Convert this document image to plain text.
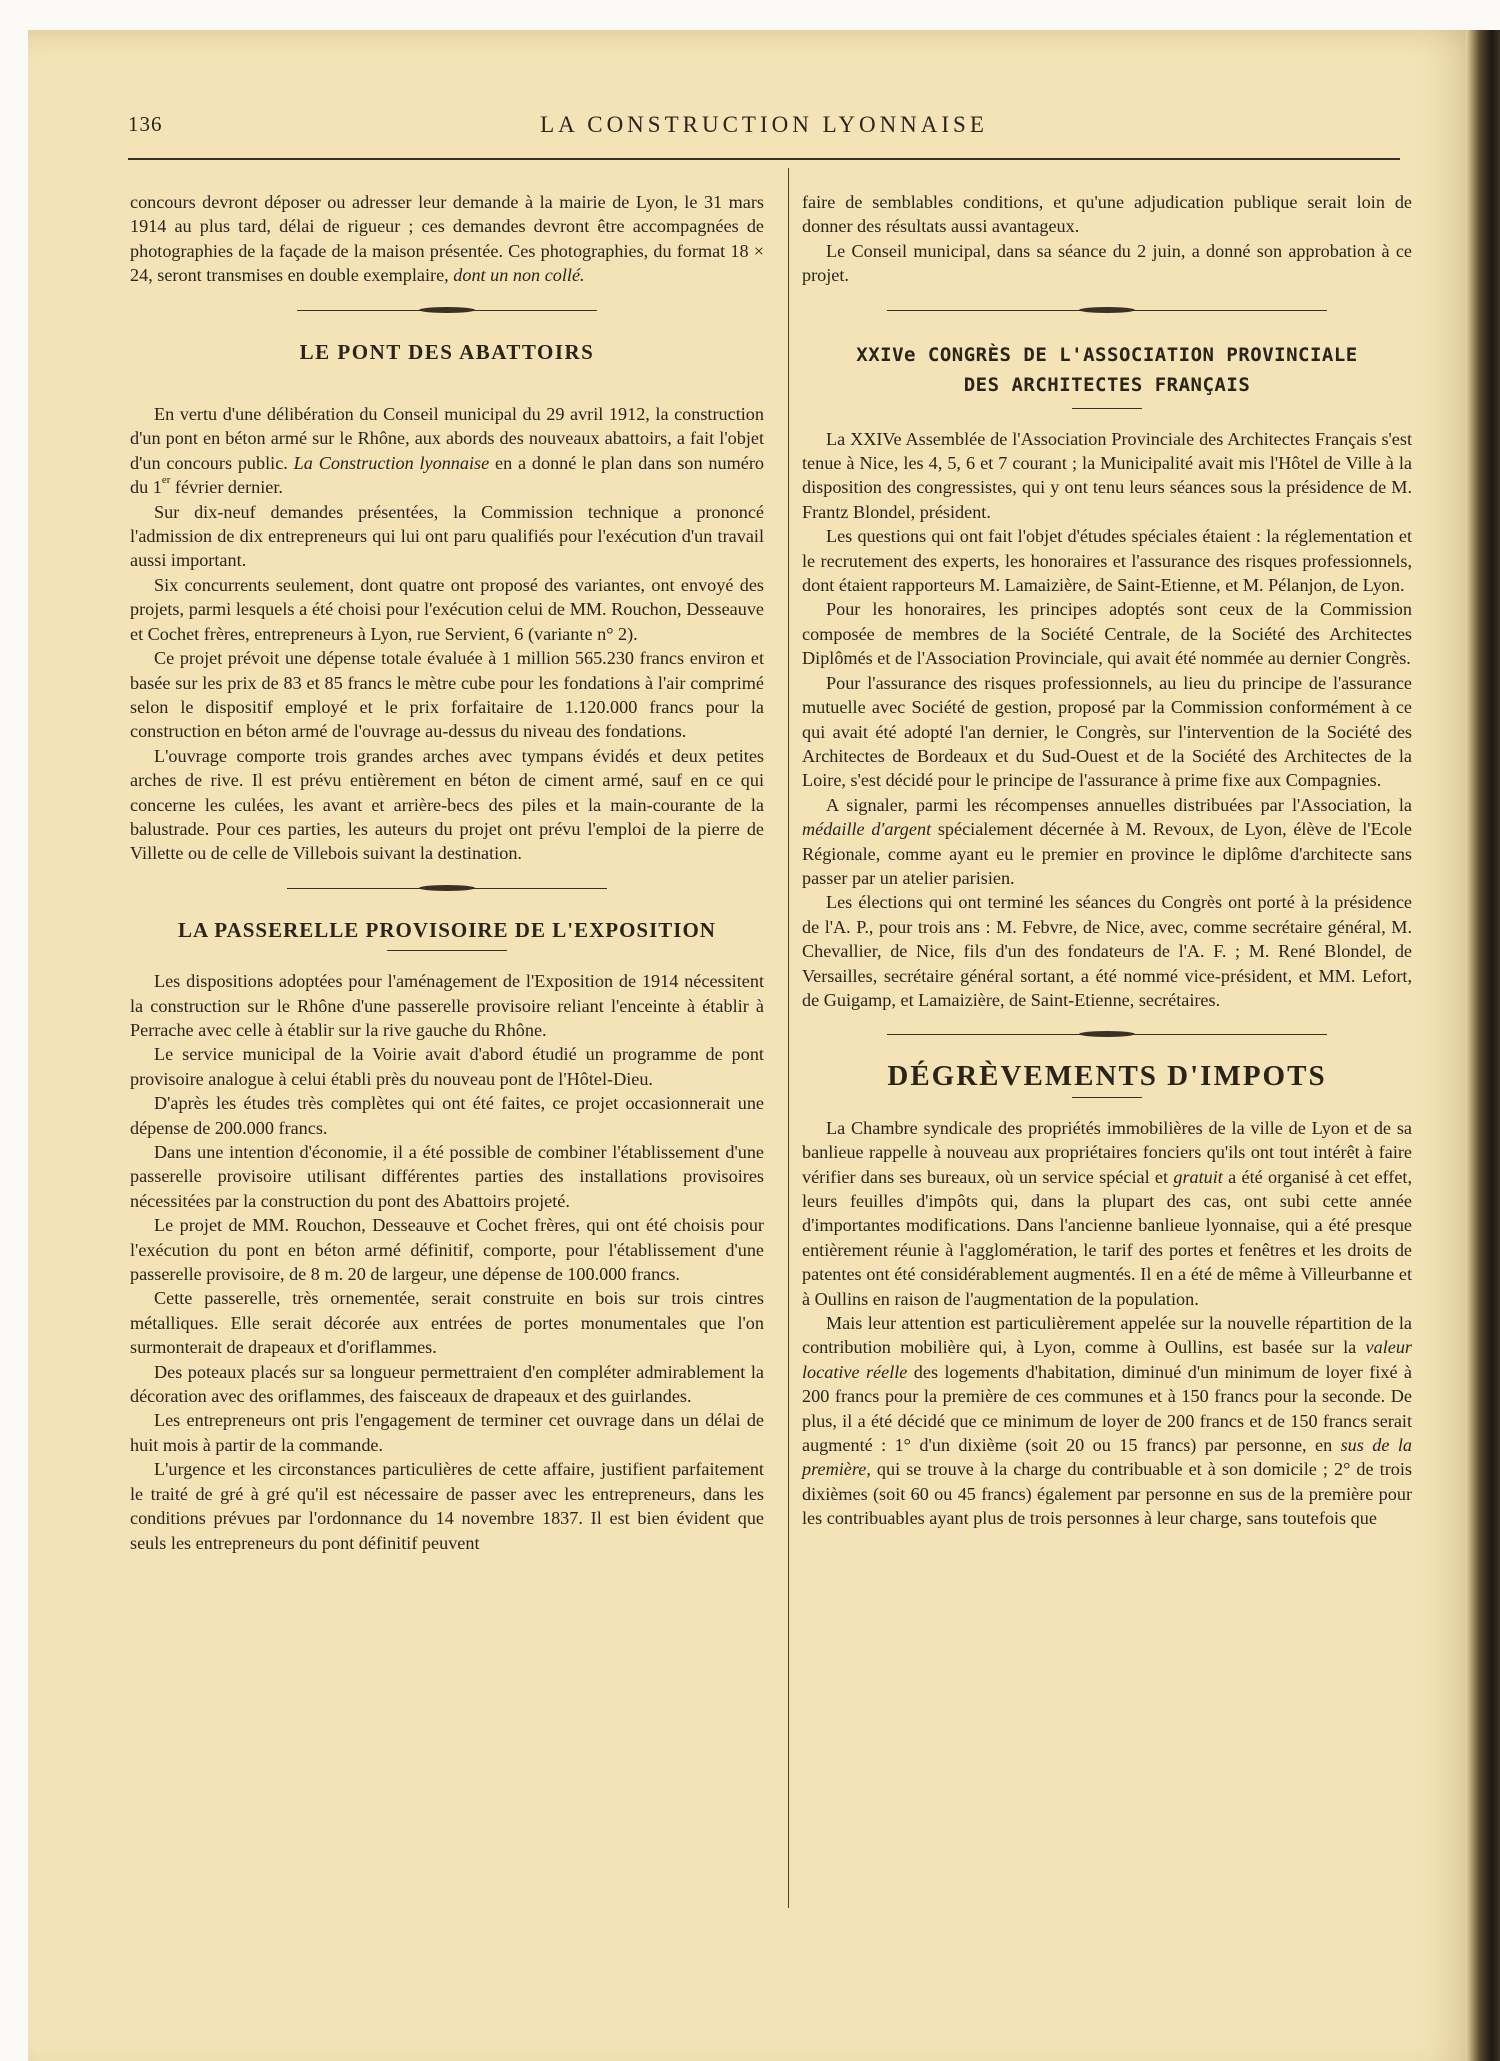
136	LA CONSTRUCTION LYONNAISE

concours devront déposer ou adresser leur demande à la mairie de Lyon, le 31 mars 1914 au plus tard, délai de rigueur ; ces demandes devront être accompagnées de photographies de la façade de la maison présentée. Ces photographies, du format 18 × 24, seront transmises en double exemplaire, dont un non collé.

LE PONT DES ABATTOIRS

En vertu d'une délibération du Conseil municipal du 29 avril 1912, la construction d'un pont en béton armé sur le Rhône, aux abords des nouveaux abattoirs, a fait l'objet d'un concours public. La Construction lyonnaise en a donné le plan dans son numéro du 1er février dernier.

Sur dix-neuf demandes présentées, la Commission technique a prononcé l'admission de dix entrepreneurs qui lui ont paru qualifiés pour l'exécution d'un travail aussi important.

Six concurrents seulement, dont quatre ont proposé des variantes, ont envoyé des projets, parmi lesquels a été choisi pour l'exécution celui de MM. Rouchon, Desseauve et Cochet frères, entrepreneurs à Lyon, rue Servient, 6 (variante n° 2).

Ce projet prévoit une dépense totale évaluée à 1 million 565.230 francs environ et basée sur les prix de 83 et 85 francs le mètre cube pour les fondations à l'air comprimé selon le dispositif employé et le prix forfaitaire de 1.120.000 francs pour la construction en béton armé de l'ouvrage au-dessus du niveau des fondations.

L'ouvrage comporte trois grandes arches avec tympans évidés et deux petites arches de rive. Il est prévu entièrement en béton de ciment armé, sauf en ce qui concerne les culées, les avant et arrière-becs des piles et la main-courante de la balustrade. Pour ces parties, les auteurs du projet ont prévu l'emploi de la pierre de Villette ou de celle de Villebois suivant la destination.

LA PASSERELLE PROVISOIRE DE L'EXPOSITION

Les dispositions adoptées pour l'aménagement de l'Exposition de 1914 nécessitent la construction sur le Rhône d'une passerelle provisoire reliant l'enceinte à établir à Perrache avec celle à établir sur la rive gauche du Rhône.

Le service municipal de la Voirie avait d'abord étudié un programme de pont provisoire analogue à celui établi près du nouveau pont de l'Hôtel-Dieu.

D'après les études très complètes qui ont été faites, ce projet occasionnerait une dépense de 200.000 francs.

Dans une intention d'économie, il a été possible de combiner l'établissement d'une passerelle provisoire utilisant différentes parties des installations provisoires nécessitées par la construction du pont des Abattoirs projeté.

Le projet de MM. Rouchon, Desseauve et Cochet frères, qui ont été choisis pour l'exécution du pont en béton armé définitif, comporte, pour l'établissement d'une passerelle provisoire, de 8 m. 20 de largeur, une dépense de 100.000 francs.

Cette passerelle, très ornementée, serait construite en bois sur trois cintres métalliques. Elle serait décorée aux entrées de portes monumentales que l'on surmonterait de drapeaux et d'oriflammes.

Des poteaux placés sur sa longueur permettraient d'en compléter admirablement la décoration avec des oriflammes, des faisceaux de drapeaux et des guirlandes.

Les entrepreneurs ont pris l'engagement de terminer cet ouvrage dans un délai de huit mois à partir de la commande.

L'urgence et les circonstances particulières de cette affaire, justifient parfaitement le traité de gré à gré qu'il est nécessaire de passer avec les entrepreneurs, dans les conditions prévues par l'ordonnance du 14 novembre 1837. Il est bien évident que seuls les entrepreneurs du pont définitif peuvent

faire de semblables conditions, et qu'une adjudication publique serait loin de donner des résultats aussi avantageux.

Le Conseil municipal, dans sa séance du 2 juin, a donné son approbation à ce projet.

XXIVe CONGRÈS DE L'ASSOCIATION PROVINCIALE
DES ARCHITECTES FRANÇAIS

La XXIVe Assemblée de l'Association Provinciale des Architectes Français s'est tenue à Nice, les 4, 5, 6 et 7 courant ; la Municipalité avait mis l'Hôtel de Ville à la disposition des congressistes, qui y ont tenu leurs séances sous la présidence de M. Frantz Blondel, président.

Les questions qui ont fait l'objet d'études spéciales étaient : la réglementation et le recrutement des experts, les honoraires et l'assurance des risques professionnels, dont étaient rapporteurs M. Lamaizière, de Saint-Etienne, et M. Pélanjon, de Lyon.

Pour les honoraires, les principes adoptés sont ceux de la Commission composée de membres de la Société Centrale, de la Société des Architectes Diplômés et de l'Association Provinciale, qui avait été nommée au dernier Congrès.

Pour l'assurance des risques professionnels, au lieu du principe de l'assurance mutuelle avec Société de gestion, proposé par la Commission conformément à ce qui avait été adopté l'an dernier, le Congrès, sur l'intervention de la Société des Architectes de Bordeaux et du Sud-Ouest et de la Société des Architectes de la Loire, s'est décidé pour le principe de l'assurance à prime fixe aux Compagnies.

A signaler, parmi les récompenses annuelles distribuées par l'Association, la médaille d'argent spécialement décernée à M. Revoux, de Lyon, élève de l'Ecole Régionale, comme ayant eu le premier en province le diplôme d'architecte sans passer par un atelier parisien.

Les élections qui ont terminé les séances du Congrès ont porté à la présidence de l'A. P., pour trois ans : M. Febvre, de Nice, avec, comme secrétaire général, M. Chevallier, de Nice, fils d'un des fondateurs de l'A. F. ; M. René Blondel, de Versailles, secrétaire général sortant, a été nommé vice-président, et MM. Lefort, de Guigamp, et Lamaizière, de Saint-Etienne, secrétaires.

DÉGRÈVEMENTS D'IMPOTS

La Chambre syndicale des propriétés immobilières de la ville de Lyon et de sa banlieue rappelle à nouveau aux propriétaires fonciers qu'ils ont tout intérêt à faire vérifier dans ses bureaux, où un service spécial et gratuit a été organisé à cet effet, leurs feuilles d'impôts qui, dans la plupart des cas, ont subi cette année d'importantes modifications. Dans l'ancienne banlieue lyonnaise, qui a été presque entièrement réunie à l'agglomération, le tarif des portes et fenêtres et les droits de patentes ont été considérablement augmentés. Il en a été de même à Villeurbanne et à Oullins en raison de l'augmentation de la population.

Mais leur attention est particulièrement appelée sur la nouvelle répartition de la contribution mobilière qui, à Lyon, comme à Oullins, est basée sur la valeur locative réelle des logements d'habitation, diminué d'un minimum de loyer fixé à 200 francs pour la première de ces communes et à 150 francs pour la seconde. De plus, il a été décidé que ce minimum de loyer de 200 francs et de 150 francs serait augmenté : 1° d'un dixième (soit 20 ou 15 francs) par personne, en sus de la première, qui se trouve à la charge du contribuable et à son domicile ; 2° de trois dixièmes (soit 60 ou 45 francs) également par personne en sus de la première pour les contribuables ayant plus de trois personnes à leur charge, sans toutefois que
